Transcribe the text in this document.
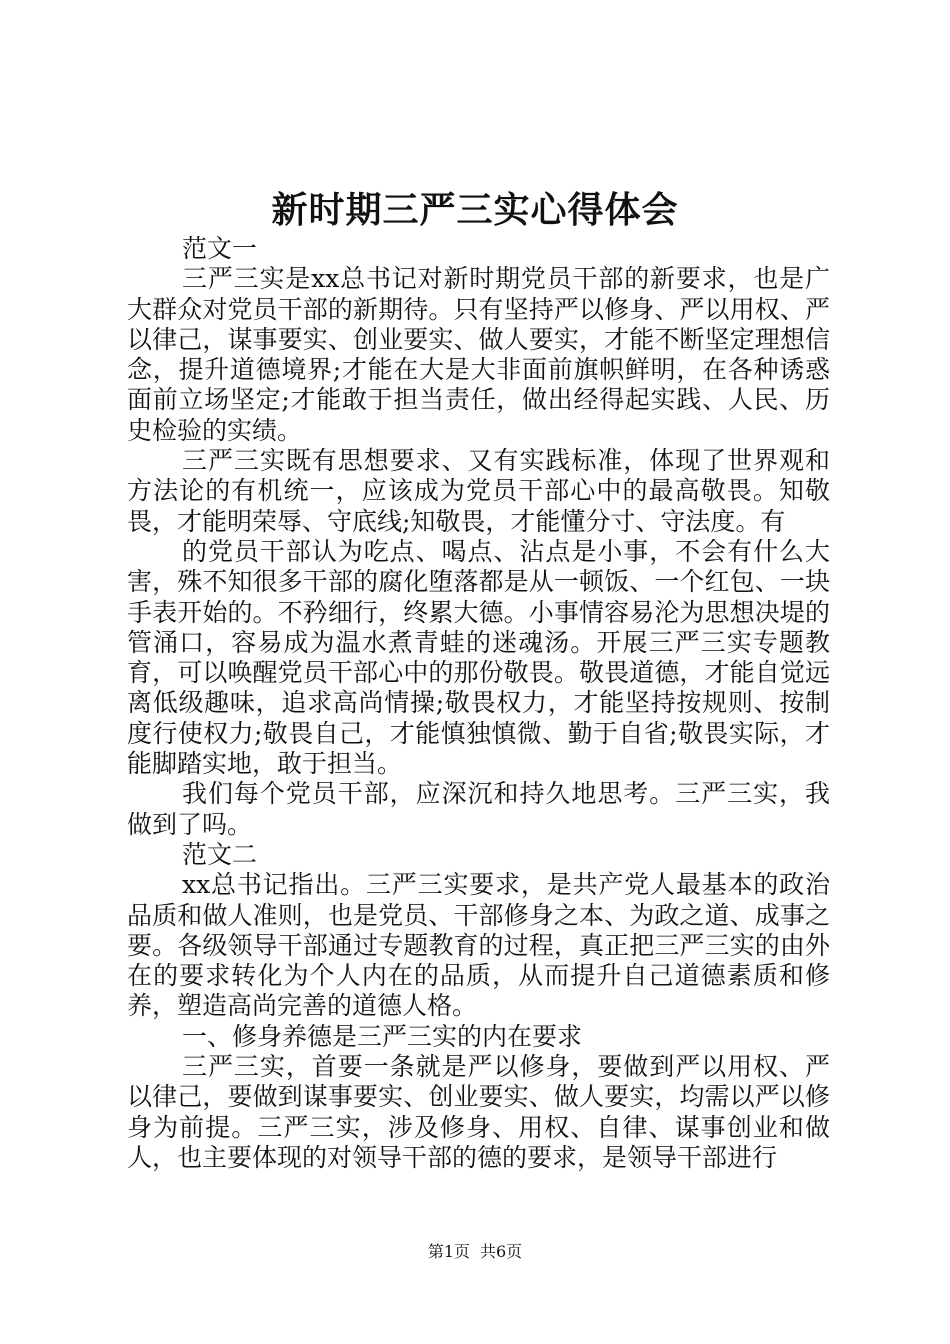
新时期三严三实心得体会

范文一

三严三实是xx总书记对新时期党员干部的新要求，也是广大群众对党员干部的新期待。只有坚持严以修身、严以用权、严以律己，谋事要实、创业要实、做人要实，才能不断坚定理想信念，提升道德境界;才能在大是大非面前旗帜鲜明，在各种诱惑面前立场坚定;才能敢于担当责任，做出经得起实践、人民、历史检验的实绩。

三严三实既有思想要求、又有实践标准，体现了世界观和方法论的有机统一，应该成为党员干部心中的最高敬畏。知敬畏，才能明荣辱、守底线;知敬畏，才能懂分寸、守法度。有

的党员干部认为吃点、喝点、沾点是小事，不会有什么大害，殊不知很多干部的腐化堕落都是从一顿饭、一个红包、一块手表开始的。不矜细行，终累大德。小事情容易沦为思想决堤的管涌口，容易成为温水煮青蛙的迷魂汤。开展三严三实专题教育，可以唤醒党员干部心中的那份敬畏。敬畏道德，才能自觉远离低级趣味，追求高尚情操;敬畏权力，才能坚持按规则、按制度行使权力;敬畏自己，才能慎独慎微、勤于自省;敬畏实际，才能脚踏实地，敢于担当。

我们每个党员干部，应深沉和持久地思考。三严三实，我做到了吗。

范文二

xx总书记指出。三严三实要求，是共产党人最基本的政治品质和做人准则，也是党员、干部修身之本、为政之道、成事之要。各级领导干部通过专题教育的过程，真正把三严三实的由外在的要求转化为个人内在的品质，从而提升自己道德素质和修养，塑造高尚完善的道德人格。

一、修身养德是三严三实的内在要求

三严三实，首要一条就是严以修身，要做到严以用权、严以律己，要做到谋事要实、创业要实、做人要实，均需以严以修身为前提。三严三实，涉及修身、用权、自律、谋事创业和做人，也主要体现的对领导干部的德的要求，是领导干部进行

第1页 共6页
